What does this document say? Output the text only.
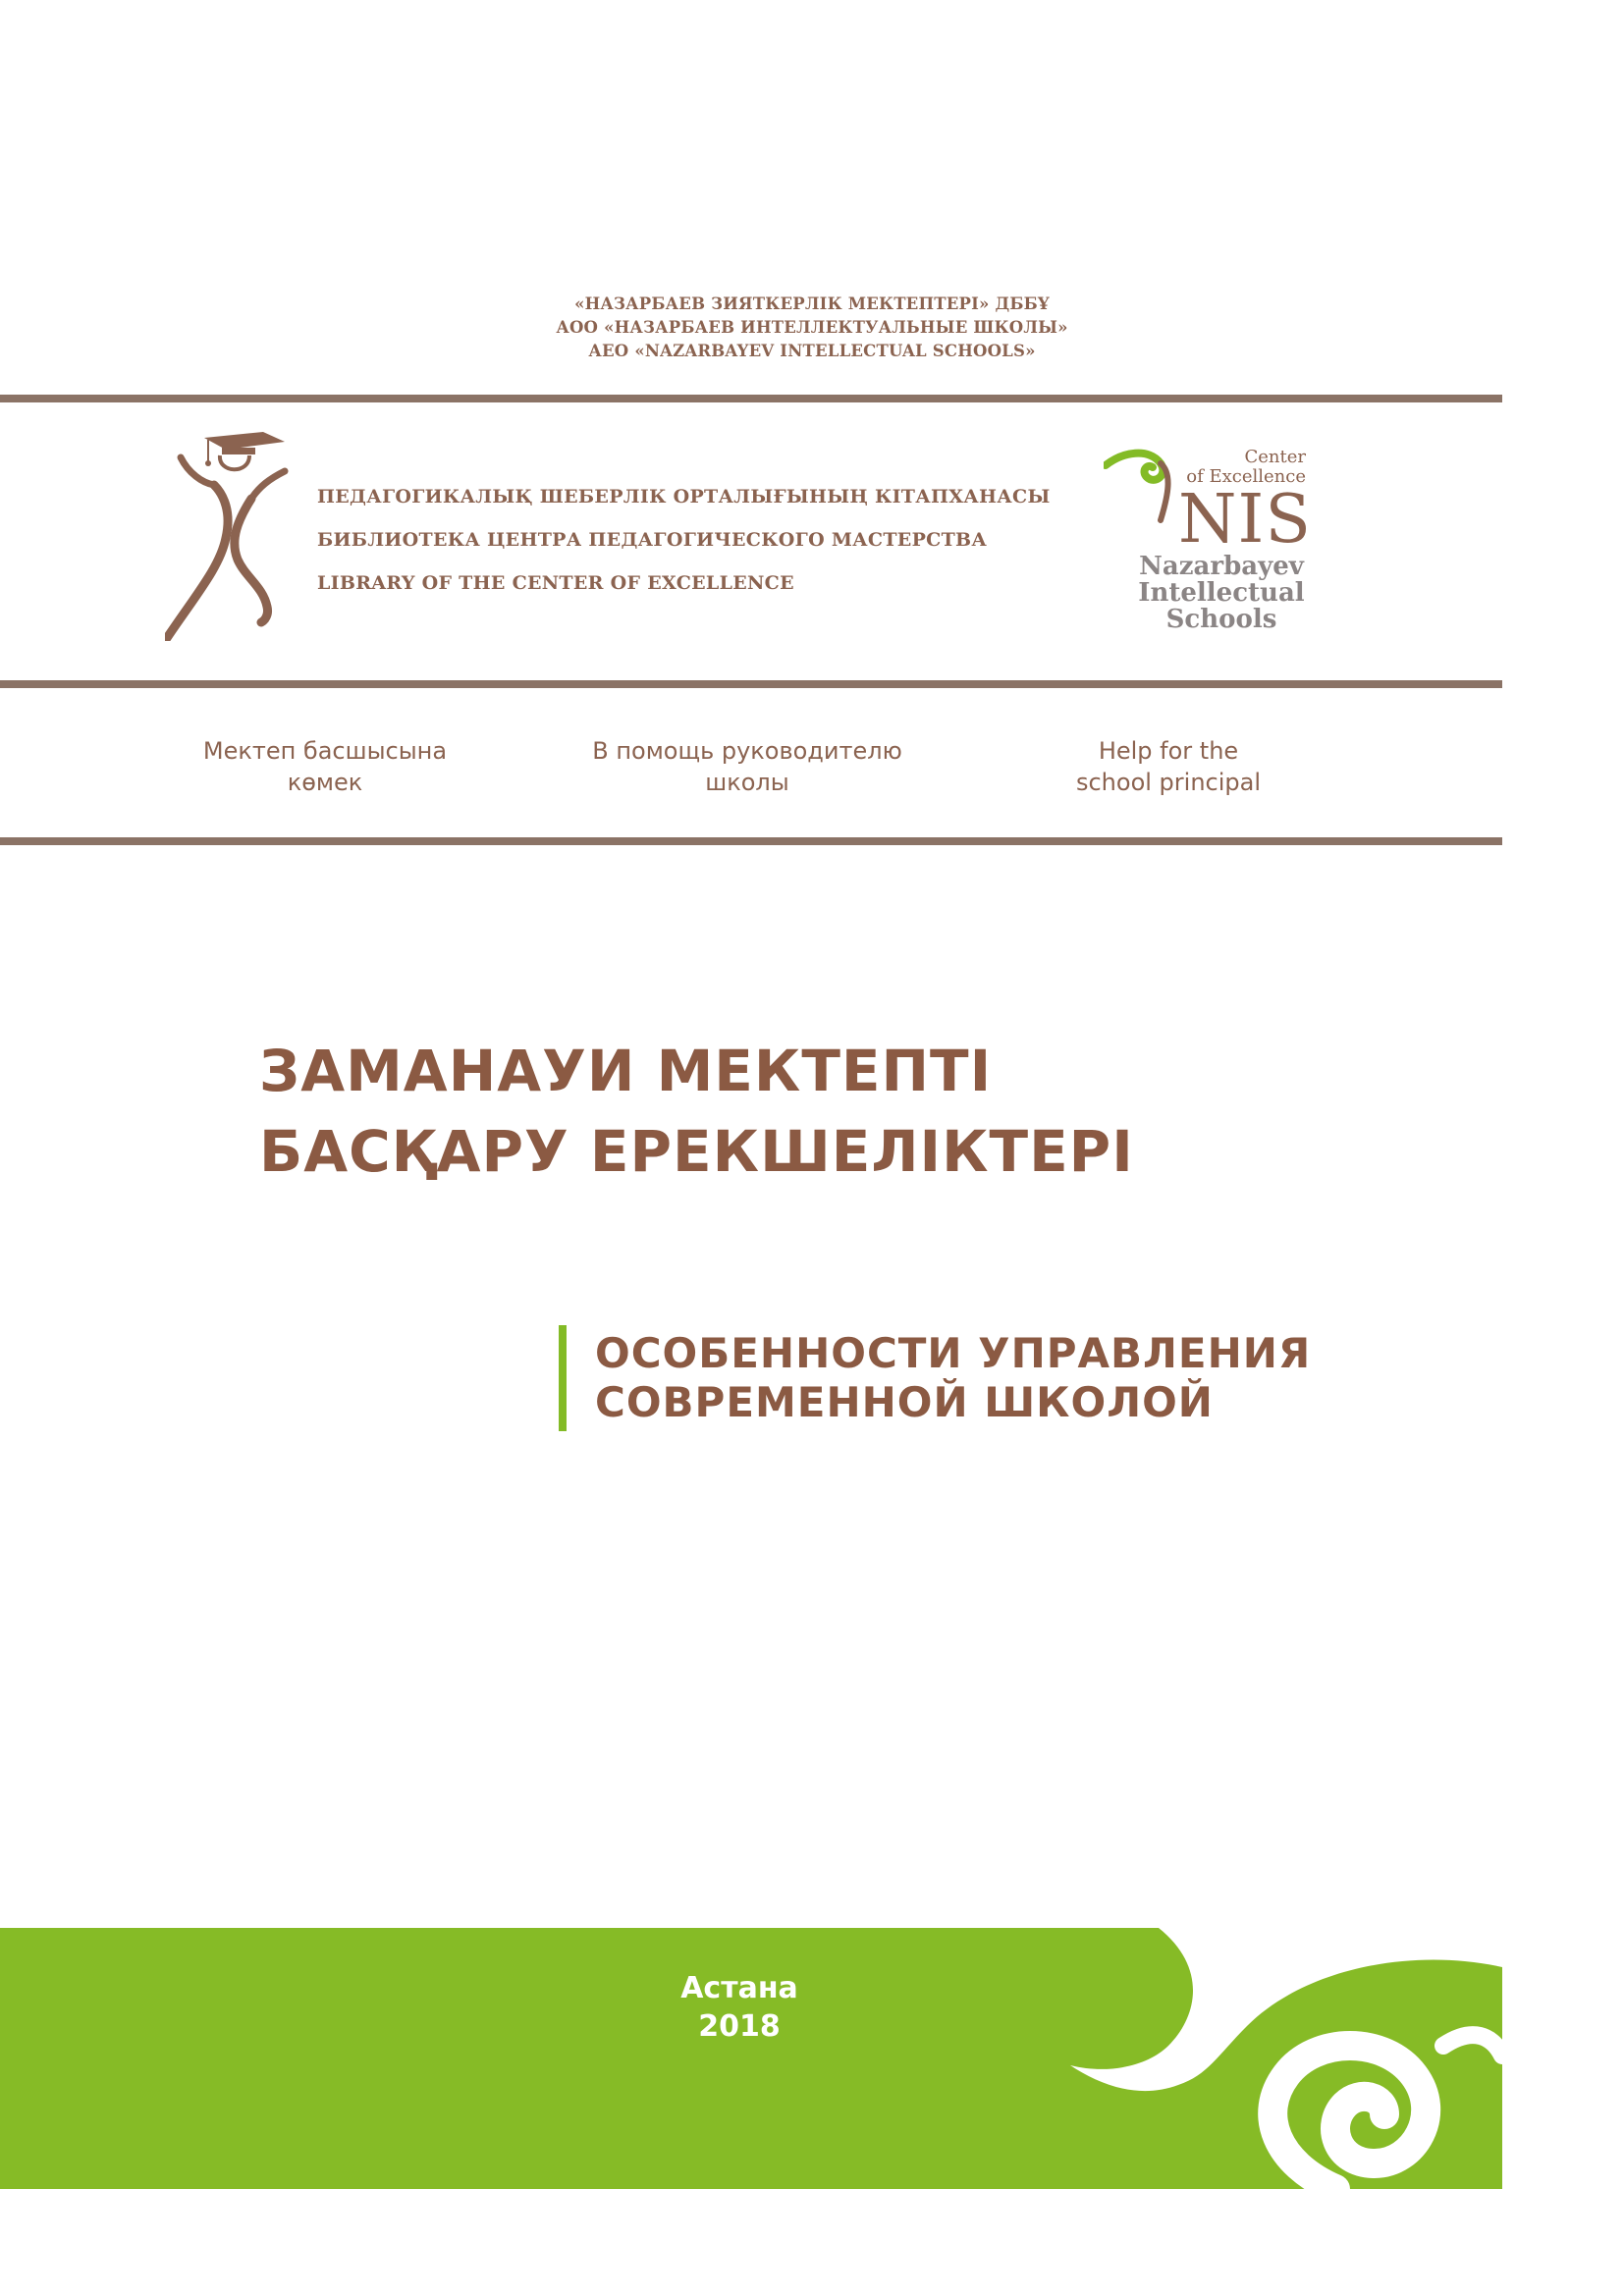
«НАЗАРБАЕВ ЗИЯТКЕРЛІК МЕКТЕПТЕРІ» ДББҰ
АОО «НАЗАРБАЕВ ИНТЕЛЛЕКТУАЛЬНЫЕ ШКОЛЫ»
АЕО «NAZARBAYEV INTELLECTUAL SCHOOLS»
ПЕДАГОГИКАЛЫҚ ШЕБЕРЛІК ОРТАЛЫҒЫНЫҢ КІТАПХАНАСЫ
БИБЛИОТЕКА ЦЕНТРА ПЕДАГОГИЧЕСКОГО МАСТЕРСТВА
LIBRARY OF THE CENTER OF EXCELLENCE
Center
of Excellence
NIS
Nazarbayev
Intellectual
Schools
Мектеп басшысына
көмек
В помощь руководителю
школы
Help for the
school principal
ЗАМАНАУИ МЕКТЕПТІ
БАСҚАРУ ЕРЕКШЕЛІКТЕРІ
ОСОБЕННОСТИ УПРАВЛЕНИЯ
СОВРЕМЕННОЙ ШКОЛОЙ
Астана
2018
